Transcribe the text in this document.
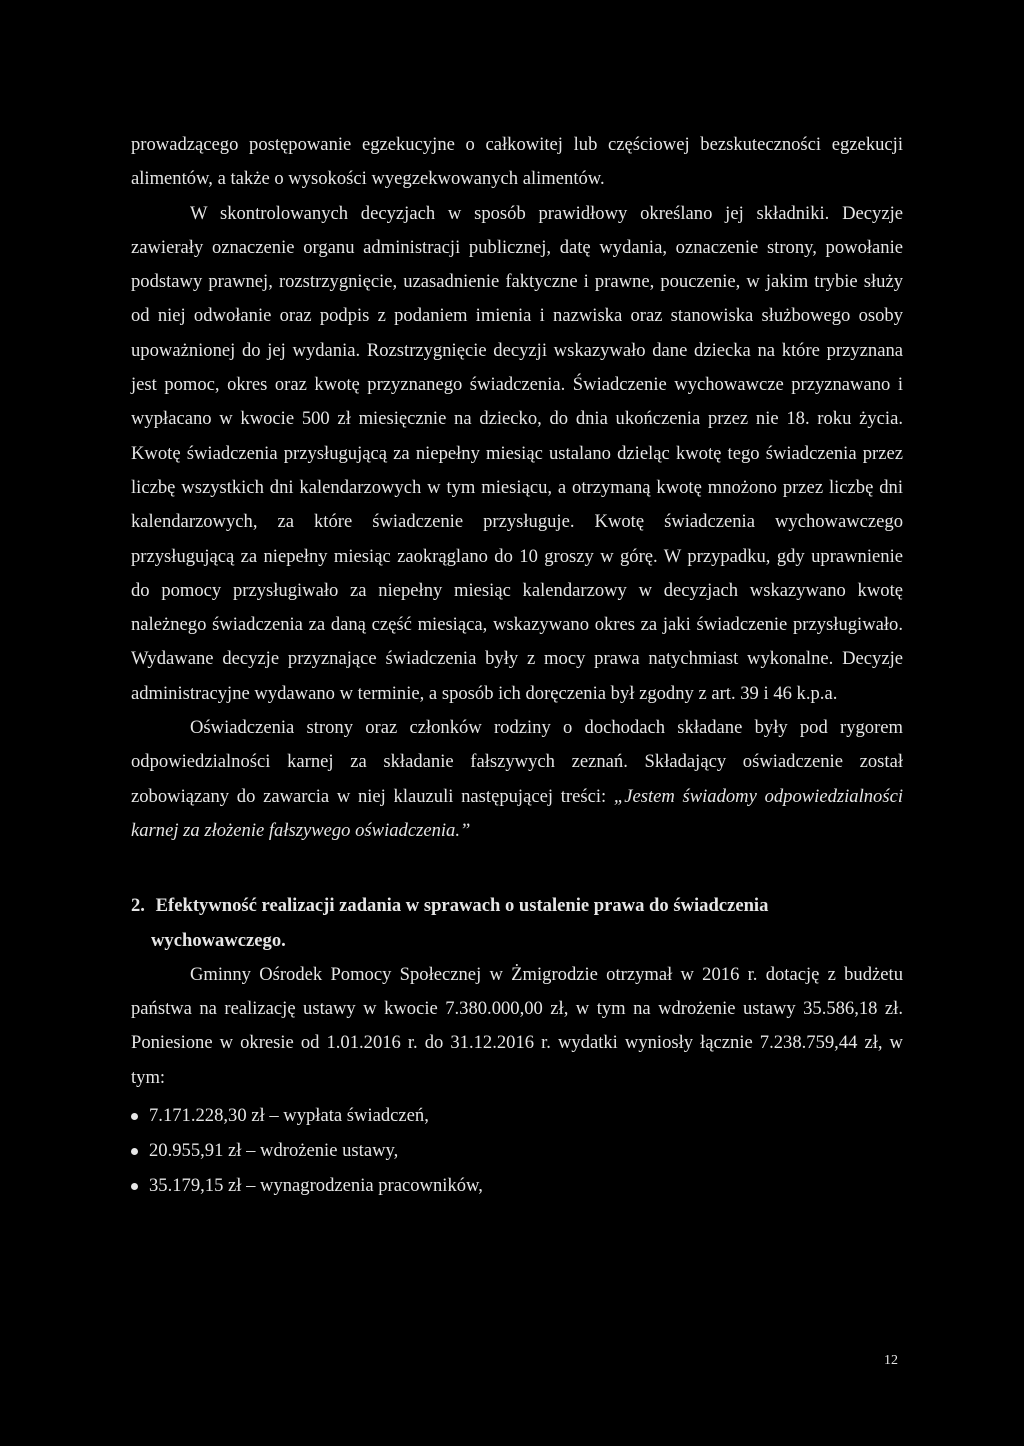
prowadzącego postępowanie egzekucyjne o całkowitej lub częściowej bezskuteczności egzekucji alimentów, a także o wysokości wyegzekwowanych alimentów.

W skontrolowanych decyzjach w sposób prawidłowy określano jej składniki. Decyzje zawierały oznaczenie organu administracji publicznej, datę wydania, oznaczenie strony, powołanie podstawy prawnej, rozstrzygnięcie, uzasadnienie faktyczne i prawne, pouczenie, w jakim trybie służy od niej odwołanie oraz podpis z podaniem imienia i nazwiska oraz stanowiska służbowego osoby upoważnionej do jej wydania. Rozstrzygnięcie decyzji wskazywało dane dziecka na które przyznana jest pomoc, okres oraz kwotę przyznanego świadczenia. Świadczenie wychowawcze przyznawano i wypłacano w kwocie 500 zł miesięcznie na dziecko, do dnia ukończenia przez nie 18. roku życia. Kwotę świadczenia przysługującą za niepełny miesiąc ustalano dzieląc kwotę tego świadczenia przez liczbę wszystkich dni kalendarzowych w tym miesiącu, a otrzymaną kwotę mnożono przez liczbę dni kalendarzowych, za które świadczenie przysługuje. Kwotę świadczenia wychowawczego przysługującą za niepełny miesiąc zaokrąglano do 10 groszy w górę. W przypadku, gdy uprawnienie do pomocy przysługiwało za niepełny miesiąc kalendarzowy w decyzjach wskazywano kwotę należnego świadczenia za daną część miesiąca, wskazywano okres za jaki świadczenie przysługiwało. Wydawane decyzje przyznające świadczenia były z mocy prawa natychmiast wykonalne. Decyzje administracyjne wydawano w terminie, a sposób ich doręczenia był zgodny z art. 39 i 46 k.p.a.

Oświadczenia strony oraz członków rodziny o dochodach składane były pod rygorem odpowiedzialności karnej za składanie fałszywych zeznań. Składający oświadczenie został zobowiązany do zawarcia w niej klauzuli następującej treści: „Jestem świadomy odpowiedzialności karnej za złożenie fałszywego oświadczenia.”

2. Efektywność realizacji zadania w sprawach o ustalenie prawa do świadczenia
wychowawczego.

Gminny Ośrodek Pomocy Społecznej w Żmigrodzie otrzymał w 2016 r. dotację z budżetu państwa na realizację ustawy w kwocie 7.380.000,00 zł, w tym na wdrożenie ustawy 35.586,18 zł. Poniesione w okresie od 1.01.2016 r. do 31.12.2016 r. wydatki wyniosły łącznie 7.238.759,44 zł, w tym:

7.171.228,30 zł – wypłata świadczeń,
20.955,91 zł – wdrożenie ustawy,
35.179,15 zł – wynagrodzenia pracowników,
12
